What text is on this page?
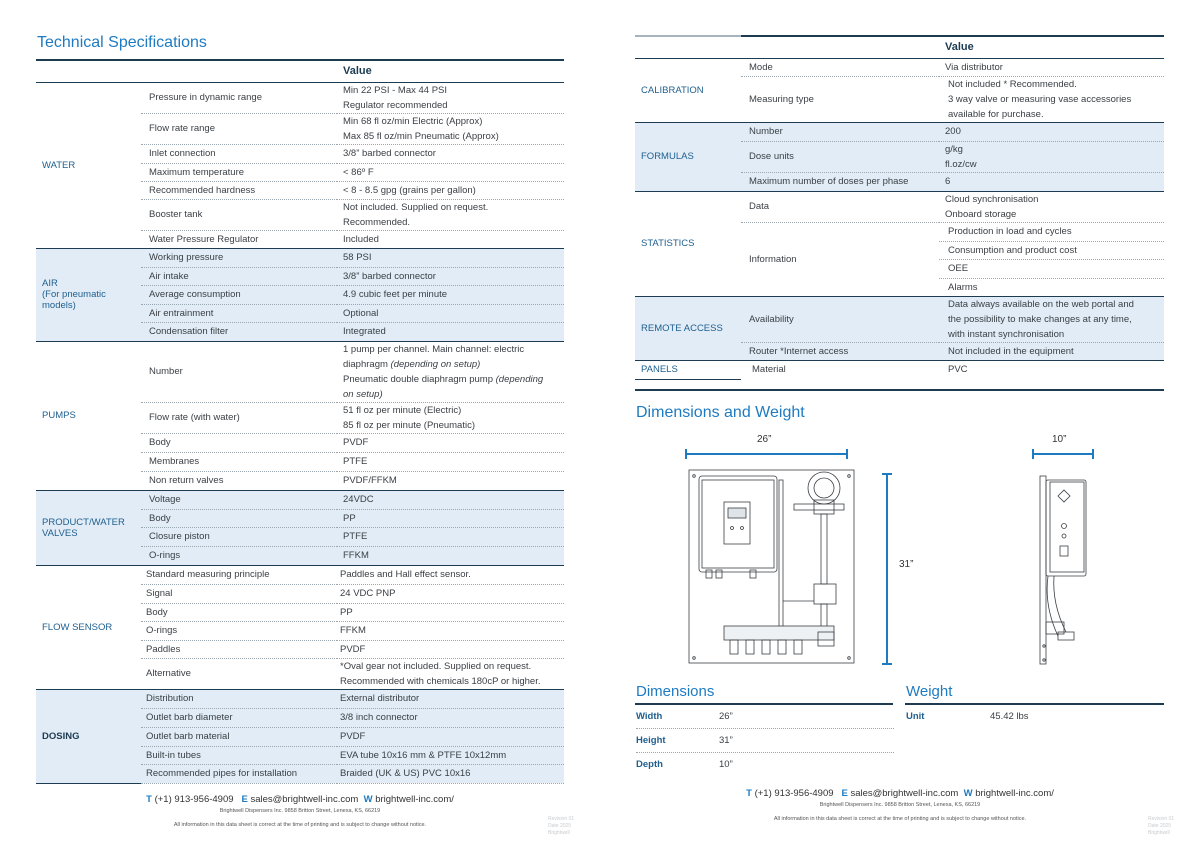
Technical Specifications
		Value
WATER	Pressure in dynamic range	Min 22 PSI - Max 44 PSI
Regulator recommended

	Flow rate range	Min 68 fl oz/min Electric (Approx)
Max 85 fl oz/min Pneumatic (Approx)

	Inlet connection	3/8” barbed connector
	Maximum temperature	< 86º F
	Recommended hardness	< 8 - 8.5 gpg (grains per gallon)
	Booster tank	Not included. Supplied on request.
Recommended.

	Water Pressure Regulator	Included

AIR
(For pneumatic
models)	Working pressure	58 PSI
	Air intake	3/8” barbed connector
	Average consumption	4.9 cubic feet per minute
	Air entrainment	Optional
	Condensation filter	Integrated
PUMPS	Number	1 pump per channel. Main channel: electric
diaphragm (depending on setup)
Pneumatic double diaphragm pump (depending
on setup)

	Flow rate (with water)	51 fl oz per minute (Electric)
85 fl oz per minute (Pneumatic)

	Body	PVDF
	Membranes	PTFE
	Non return valves	PVDF/FFKM

PRODUCT/WATER
VALVES	Voltage	24VDC
	Body	PP
	Closure piston	PTFE
	O-rings	FFKM
FLOW SENSOR	Standard measuring principle	Paddles and Hall effect sensor.
	Signal	24 VDC PNP
	Body	PP
	O-rings	FFKM
	Paddles	PVDF
	Alternative	*Oval gear not included. Supplied on request.
Recommended with chemicals 180cP or higher.

DOSING	Distribution	External distributor
	Outlet barb diameter	3/8 inch connector
	Outlet barb material	PVDF
	Built-in tubes	EVA tube 10x16 mm & PTFE 10x12mm
	Recommended pipes for installation	Braided (UK & US) PVC 10x16
T (+1) 913-956-4909 E sales@brightwell-inc.com W brightwell-inc.com/
Brightwell Dispensers Inc. 9858 Britton Street, Lenexa, KS, 66219
All information in this data sheet is correct at the time of printing and is subject to change without notice.
Revision 01
Date 2025
Brightwell
		Value
CALIBRATION	Mode	Via distributor
	Measuring type	Not included * Recommended.
3 way valve or measuring vase accessories
available for purchase.

FORMULAS	Number	200
	Dose units	g/kg
fl.oz/cw

	Maximum number of doses per phase	6
STATISTICS	Data	Cloud synchronisation
Onboard storage

	Information	Production in load and cycles
		Consumption and product cost
		OEE
		Alarms
REMOTE ACCESS	Availability	Data always available on the web portal and
the possibility to make changes at any time,
with instant synchronisation

	Router *Internet access	Not included in the equipment
PANELS	Material	PVC
Dimensions and Weight
26”
31”
10”
Dimensions
Width	26”
Height	31”
Depth	10”
Weight
Unit	45.42 lbs
T (+1) 913-956-4909 E sales@brightwell-inc.com W brightwell-inc.com/
Brightwell Dispensers Inc. 9858 Britton Street, Lenexa, KS, 66219
All information in this data sheet is correct at the time of printing and is subject to change without notice.	Revision 01
Date 2025
Brightwell
